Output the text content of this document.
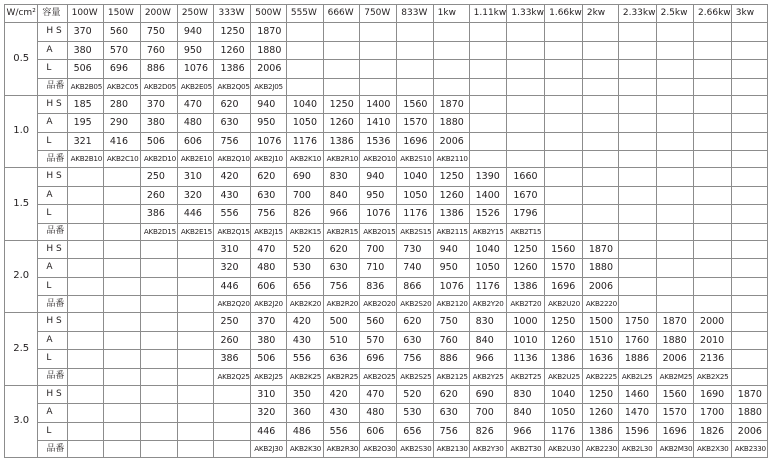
W/cm²	容量	100W	150W	200W	250W	333W	500W	555W	666W	750W	833W	1kw	1.11kw	1.33kw	1.66kw	2kw	2.33kw	2.5kw	2.66kw	3kw
0.5	H S	370	560	750	940	1250	1870													
	A	380	570	760	950	1260	1880													
	L	506	696	886	1076	1386	2006													
	品番	AKB2B05	AKB2C05	AKB2D05	AKB2E05	AKB2Q05	AKB2J05													
1.0	H S	185	280	370	470	620	940	1040	1250	1400	1560	1870								
	A	195	290	380	480	630	950	1050	1260	1410	1570	1880								
	L	321	416	506	606	756	1076	1176	1386	1536	1696	2006								
	品番	AKB2B10	AKB2C10	AKB2D10	AKB2E10	AKB2Q10	AKB2J10	AKB2K10	AKB2R10	AKB2O10	AKB2S10	AKB2110								
1.5	H S			250	310	420	620	690	830	940	1040	1250	1390	1660						
	A			260	320	430	630	700	840	950	1050	1260	1400	1670						
	L			386	446	556	756	826	966	1076	1176	1386	1526	1796						
	品番			AKB2D15	AKB2E15	AKB2Q15	AKB2J15	AKB2K15	AKB2R15	AKB2O15	AKB2S15	AKB2115	AKB2Y15	AKB2T15						
2.0	H S					310	470	520	620	700	730	940	1040	1250	1560	1870				
	A					320	480	530	630	710	740	950	1050	1260	1570	1880				
	L					446	606	656	756	836	866	1076	1176	1386	1696	2006				
	品番					AKB2Q20	AKB2J20	AKB2K20	AKB2R20	AKB2O20	AKB2S20	AKB2120	AKB2Y20	AKB2T20	AKB2U20	AKB2220				
2.5	H S					250	370	420	500	560	620	750	830	1000	1250	1500	1750	1870	2000	
	A					260	380	430	510	570	630	760	840	1010	1260	1510	1760	1880	2010	
	L					386	506	556	636	696	756	886	966	1136	1386	1636	1886	2006	2136	
	品番					AKB2Q25	AKB2J25	AKB2K25	AKB2R25	AKB2O25	AKB2S25	AKB2125	AKB2Y25	AKB2T25	AKB2U25	AKB2225	AKB2L25	AKB2M25	AKB2X25	
3.0	H S						310	350	420	470	520	620	690	830	1040	1250	1460	1560	1690	1870
	A						320	360	430	480	530	630	700	840	1050	1260	1470	1570	1700	1880
	L						446	486	556	606	656	756	826	966	1176	1386	1596	1696	1826	2006
	品番						AKB2J30	AKB2K30	AKB2R30	AKB2O30	AKB2S30	AKB2130	AKB2Y30	AKB2T30	AKB2U30	AKB2230	AKB2L30	AKB2M30	AKB2X30	AKB2330
